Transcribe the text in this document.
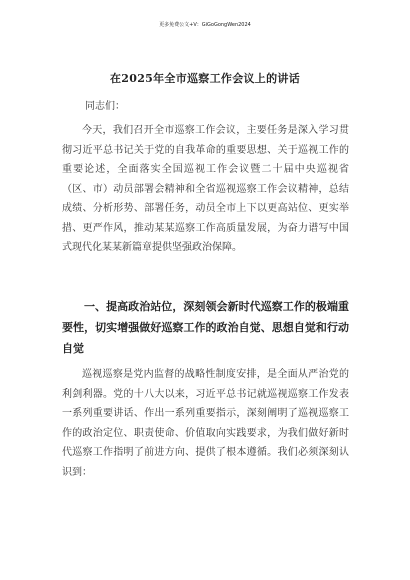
更多免费公文+V：GiGoGongWen2024
在2025年全市巡察工作会议上的讲话
同志们：

今天，我们召开全市巡察工作会议，主要任务是深入学习贯彻习近平总书记关于党的自我革命的重要思想、关于巡视工作的重要论述，全面落实全国巡视工作会议暨二十届中央巡视省（区、市）动员部署会精神和全省巡视巡察工作会议精神，总结成绩、分析形势、部署任务，动员全市上下以更高站位、更实举措、更严作风，推动某某巡察工作高质量发展，为奋力谱写中国式现代化某某新篇章提供坚强政治保障。

一、提高政治站位，深刻领会新时代巡察工作的极端重要性，切实增强做好巡察工作的政治自觉、思想自觉和行动自觉

巡视巡察是党内监督的战略性制度安排，是全面从严治党的利剑利器。党的十八大以来，习近平总书记就巡视巡察工作发表一系列重要讲话、作出一系列重要指示，深刻阐明了巡视巡察工作的政治定位、职责使命、价值取向实践要求，为我们做好新时代巡察工作指明了前进方向、提供了根本遵循。我们必须深刻认识到：
